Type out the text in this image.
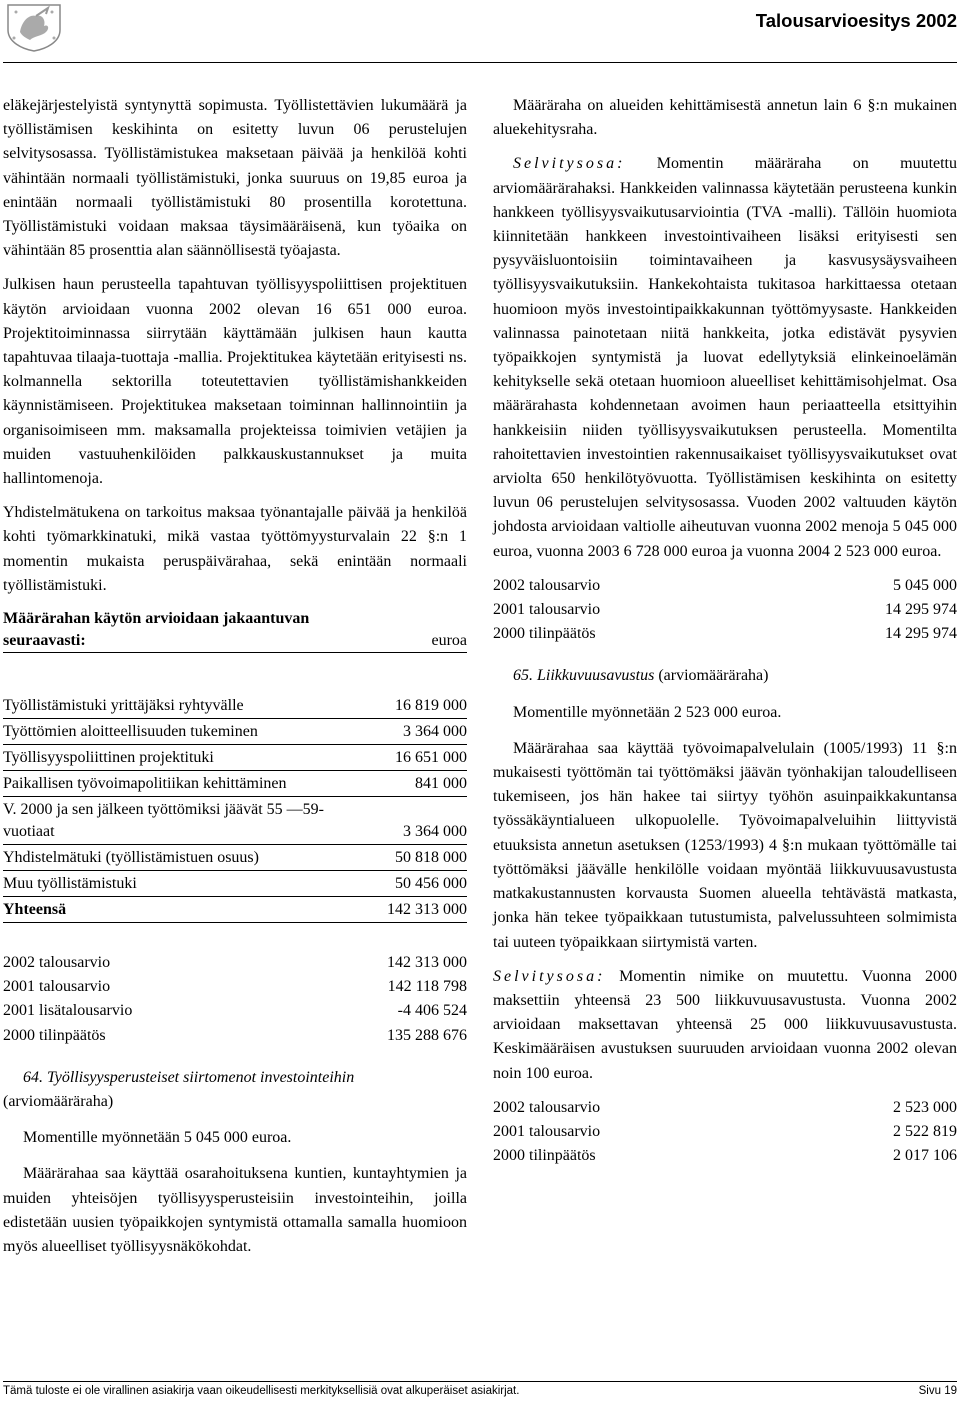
Talousarvioesitys 2002

eläkejärjestelyistä syntynyttä sopimusta. Työllistettävien lukumäärä ja työllistämisen keskihinta on esitetty luvun 06 perustelujen selvitysosassa. Työllistämistukea maksetaan päivää ja henkilöä kohti vähintään normaali työllistämistuki, jonka suuruus on 19,85 euroa ja enintään normaali työllistämistuki 80 prosentilla korotettuna. Työllistämistuki voidaan maksaa täysimääräisenä, kun työaika on vähintään 85 prosenttia alan säännöllisestä työajasta.

Julkisen haun perusteella tapahtuvan työllisyyspoliittisen projektituen käytön arvioidaan vuonna 2002 olevan 16 651 000 euroa. Projektitoiminnassa siirrytään käyttämään julkisen haun kautta tapahtuvaa tilaaja-tuottaja -mallia. Projektitukea käytetään erityisesti ns. kolmannella sektorilla toteutettavien työllistämishankkeiden käynnistämiseen. Projektitukea maksetaan toiminnan hallinnointiin ja organisoimiseen mm. maksamalla projekteissa toimivien vetäjien ja muiden vastuuhenkilöiden palkkauskustannukset ja muita hallintomenoja.

Yhdistelmätukena on tarkoitus maksaa työnantajalle päivää ja henkilöä kohti työmarkkinatuki, mikä vastaa työttömyysturvalain 22 §:n 1 momentin mukaista peruspäivärahaa, sekä enintään normaali työllistämistuki.

Määrärahan käytön arvioidaan jakaantuvan seuraavasti:	euroa
Työllistämistuki yrittäjäksi ryhtyvälle	16 819 000
Työttömien aloitteellisuuden tukeminen	3 364 000
Työllisyyspoliittinen projektituki	16 651 000
Paikallisen työvoimapolitiikan kehittäminen	841 000
V. 2000 ja sen jälkeen työttömiksi jäävät 55 —59-vuotiaat	3 364 000
Yhdistelmätuki (työllistämistuen osuus)	50 818 000
Muu työllistämistuki	50 456 000
Yhteensä	142 313 000
2002 talousarvio	142 313 000
2001 talousarvio	142 118 798
2001 lisätalousarvio	-4 406 524
2000 tilinpäätös	135 288 676
64. Työllisyysperusteiset siirtomenot investointeihin
(arviomääräraha)

Momentille myönnetään 5 045 000 euroa.

Määrärahaa saa käyttää osarahoituksena kuntien, kuntayhtymien ja muiden yhteisöjen työllisyysperusteisiin investointeihin, joilla edistetään uusien työpaikkojen syntymistä ottamalla samalla huomioon myös alueelliset työllisyysnäkökohdat.

Määräraha on alueiden kehittämisestä annetun lain 6 §:n mukainen aluekehitysraha.

Selvitysosa: Momentin määräraha on muutettu arviomäärärahaksi. Hankkeiden valinnassa käytetään perusteena kunkin hankkeen työllisyysvaikutusarviointia (TVA -malli). Tällöin huomiota kiinnitetään hankkeen investointivaiheen lisäksi erityisesti sen pysyväisluontoisiin toimintavaiheen ja kasvusysäysvaiheen työllisyysvaikutuksiin. Hankekohtaista tukitasoa harkittaessa otetaan huomioon myös investointipaikkakunnan työttömyysaste. Hankkeiden valinnassa painotetaan niitä hankkeita, jotka edistävät pysyvien työpaikkojen syntymistä ja luovat edellytyksiä elinkeinoelämän kehitykselle sekä otetaan huomioon alueelliset kehittämisohjelmat. Osa määrärahasta kohdennetaan avoimen haun periaatteella etsittyihin hankkeisiin niiden työllisyysvaikutuksen perusteella. Momentilta rahoitettavien investointien rakennusaikaiset työllisyysvaikutukset ovat arviolta 650 henkilötyövuotta. Työllistämisen keskihinta on esitetty luvun 06 perustelujen selvitysosassa. Vuoden 2002 valtuuden käytön johdosta arvioidaan valtiolle aiheutuvan vuonna 2002 menoja 5 045 000 euroa, vuonna 2003 6 728 000 euroa ja vuonna 2004 2 523 000 euroa.

2002 talousarvio	5 045 000
2001 talousarvio	14 295 974
2000 tilinpäätös	14 295 974
65. Liikkuvuusavustus (arviomääräraha)

Momentille myönnetään 2 523 000 euroa.

Määrärahaa saa käyttää työvoimapalvelulain (1005/1993) 11 §:n mukaisesti työttömän tai työttömäksi jäävän työnhakijan taloudelliseen tukemiseen, jos hän hakee tai siirtyy työhön asuinpaikkakuntansa työssäkäyntialueen ulkopuolelle. Työvoimapalveluihin liittyvistä etuuksista annetun asetuksen (1253/1993) 4 §:n mukaan työttömälle tai työttömäksi jäävälle henkilölle voidaan myöntää liikkuvuusavustusta matkakustannusten korvausta Suomen alueella tehtävästä matkasta, jonka hän tekee työpaikkaan tutustumista, palvelussuhteen solmimista tai uuteen työpaikkaan siirtymistä varten.

Selvitysosa: Momentin nimike on muutettu. Vuonna 2000 maksettiin yhteensä 23 500 liikkuvuusavustusta. Vuonna 2002 arvioidaan maksettavan yhteensä 25 000 liikkuvuusavustusta. Keskimääräisen avustuksen suuruuden arvioidaan vuonna 2002 olevan noin 100 euroa.

2002 talousarvio	2 523 000
2001 talousarvio	2 522 819
2000 tilinpäätös	2 017 106
Tämä tuloste ei ole virallinen asiakirja vaan oikeudellisesti merkityksellisiä ovat alkuperäiset asiakirjat.	Sivu 19
